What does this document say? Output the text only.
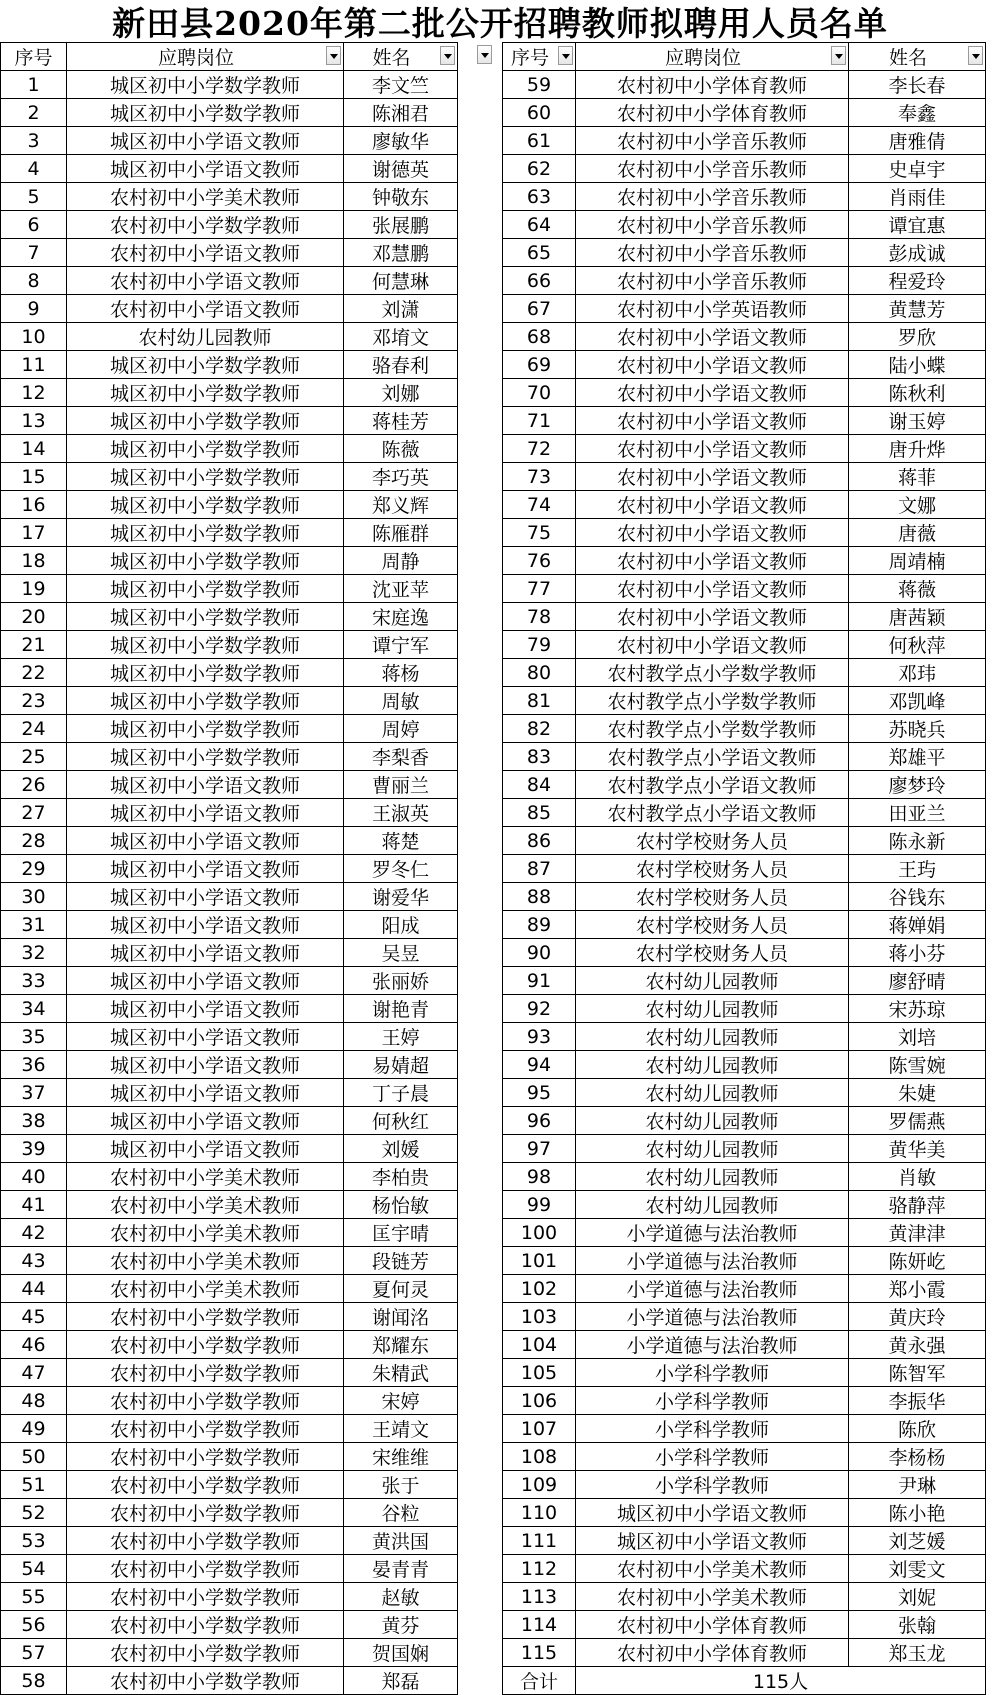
新田县2020年第二批公开招聘教师拟聘用人员名单
序号	应聘岗位	姓名

1	城区初中小学数学教师	李文竺
2	城区初中小学数学教师	陈湘君
3	城区初中小学语文教师	廖敏华
4	城区初中小学语文教师	谢德英
5	农村初中小学美术教师	钟敬东
6	农村初中小学数学教师	张展鹏
7	农村初中小学语文教师	邓慧鹏
8	农村初中小学语文教师	何慧琳
9	农村初中小学语文教师	刘潇
10	农村幼儿园教师	邓堉文
11	城区初中小学数学教师	骆春利
12	城区初中小学数学教师	刘娜
13	城区初中小学数学教师	蒋桂芳
14	城区初中小学数学教师	陈薇
15	城区初中小学数学教师	李巧英
16	城区初中小学数学教师	郑义辉
17	城区初中小学数学教师	陈雁群
18	城区初中小学数学教师	周静
19	城区初中小学数学教师	沈亚苹
20	城区初中小学数学教师	宋庭逸
21	城区初中小学数学教师	谭宁军
22	城区初中小学数学教师	蒋杨
23	城区初中小学数学教师	周敏
24	城区初中小学数学教师	周婷
25	城区初中小学数学教师	李梨香
26	城区初中小学语文教师	曹丽兰
27	城区初中小学语文教师	王淑英
28	城区初中小学语文教师	蒋楚
29	城区初中小学语文教师	罗冬仁
30	城区初中小学语文教师	谢爱华
31	城区初中小学语文教师	阳成
32	城区初中小学语文教师	吴昱
33	城区初中小学语文教师	张丽娇
34	城区初中小学语文教师	谢艳青
35	城区初中小学语文教师	王婷
36	城区初中小学语文教师	易婧超
37	城区初中小学语文教师	丁子晨
38	城区初中小学语文教师	何秋红
39	城区初中小学语文教师	刘媛
40	农村初中小学美术教师	李柏贵
41	农村初中小学美术教师	杨怡敏
42	农村初中小学美术教师	匡宇晴
43	农村初中小学美术教师	段链芳
44	农村初中小学美术教师	夏何灵
45	农村初中小学数学教师	谢闻洺
46	农村初中小学数学教师	郑耀东
47	农村初中小学数学教师	朱精武
48	农村初中小学数学教师	宋婷
49	农村初中小学数学教师	王靖文
50	农村初中小学数学教师	宋维维
51	农村初中小学数学教师	张于
52	农村初中小学数学教师	谷粒
53	农村初中小学数学教师	黄洪国
54	农村初中小学数学教师	晏青青
55	农村初中小学数学教师	赵敏
56	农村初中小学数学教师	黄芬
57	农村初中小学数学教师	贺国娴
58	农村初中小学数学教师	郑磊
序号	应聘岗位	姓名

59	农村初中小学体育教师	李长春
60	农村初中小学体育教师	奉鑫
61	农村初中小学音乐教师	唐雅倩
62	农村初中小学音乐教师	史卓宇
63	农村初中小学音乐教师	肖雨佳
64	农村初中小学音乐教师	谭宜惠
65	农村初中小学音乐教师	彭成诚
66	农村初中小学音乐教师	程爱玲
67	农村初中小学英语教师	黄慧芳
68	农村初中小学语文教师	罗欣
69	农村初中小学语文教师	陆小蝶
70	农村初中小学语文教师	陈秋利
71	农村初中小学语文教师	谢玉婷
72	农村初中小学语文教师	唐升烨
73	农村初中小学语文教师	蒋菲
74	农村初中小学语文教师	文娜
75	农村初中小学语文教师	唐薇
76	农村初中小学语文教师	周靖楠
77	农村初中小学语文教师	蒋薇
78	农村初中小学语文教师	唐茜颖
79	农村初中小学语文教师	何秋萍
80	农村教学点小学数学教师	邓玮
81	农村教学点小学数学教师	邓凯峰
82	农村教学点小学数学教师	苏晓兵
83	农村教学点小学语文教师	郑雄平
84	农村教学点小学语文教师	廖梦玲
85	农村教学点小学语文教师	田亚兰
86	农村学校财务人员	陈永新
87	农村学校财务人员	王玙
88	农村学校财务人员	谷钱东
89	农村学校财务人员	蒋婵娟
90	农村学校财务人员	蒋小芬
91	农村幼儿园教师	廖舒晴
92	农村幼儿园教师	宋苏琼
93	农村幼儿园教师	刘培
94	农村幼儿园教师	陈雪婉
95	农村幼儿园教师	朱婕
96	农村幼儿园教师	罗儒燕
97	农村幼儿园教师	黄华美
98	农村幼儿园教师	肖敏
99	农村幼儿园教师	骆静萍
100	小学道德与法治教师	黄津津
101	小学道德与法治教师	陈妍屹
102	小学道德与法治教师	郑小霞
103	小学道德与法治教师	黄庆玲
104	小学道德与法治教师	黄永强
105	小学科学教师	陈智军
106	小学科学教师	李振华
107	小学科学教师	陈欣
108	小学科学教师	李杨杨
109	小学科学教师	尹琳
110	城区初中小学语文教师	陈小艳
111	城区初中小学语文教师	刘芝媛
112	农村初中小学美术教师	刘雯文
113	农村初中小学美术教师	刘妮
114	农村初中小学体育教师	张翰
115	农村初中小学体育教师	郑玉龙
合计	115人	
